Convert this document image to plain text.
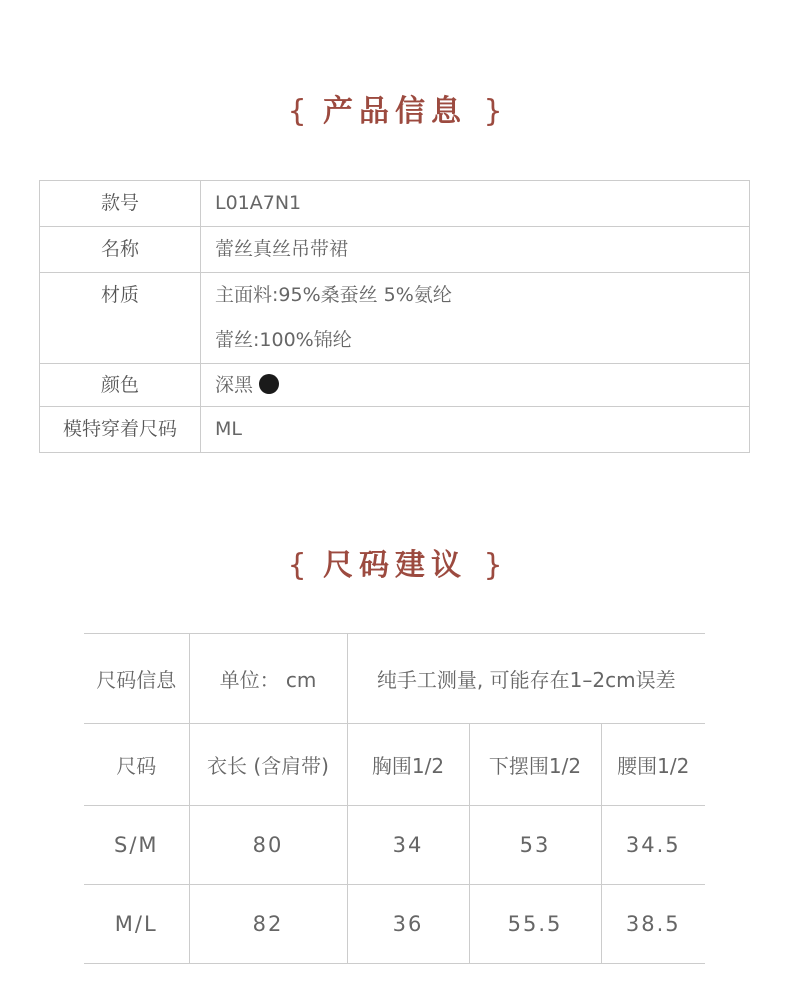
{ 产品信息 }
款号	L01A7N1

名称	蕾丝真丝吊带裙

材质	主面料:95%桑蚕丝 5%氨纶
蕾丝:100%锦纶

颜色	深黑

模特穿着尺码	ML
{ 尺码建议 }
尺码信息	单位： cm	纯手工测量, 可能存在1–2cm误差		
尺码	衣长 (含肩带)	胸围1/2	下摆围1/2	腰围1/2
S/M	80	34	53	34.5
M/L	82	36	55.5	38.5
